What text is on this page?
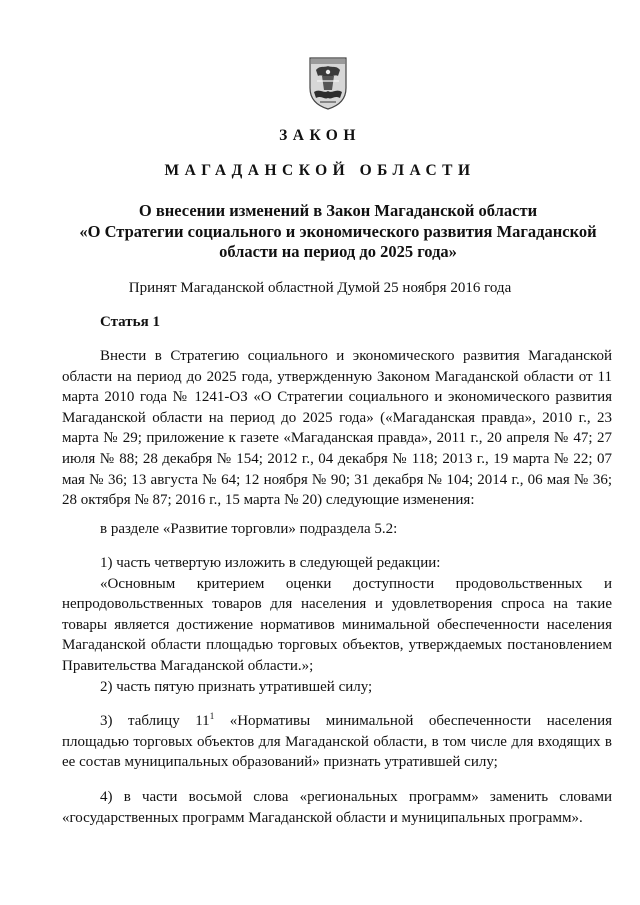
ЗАКОН
МАГАДАНСКОЙ ОБЛАСТИ
О внесении изменений в Закон Магаданской области
«О Стратегии социального и экономического развития Магаданской
области на период до 2025 года»
Принят Магаданской областной Думой 25 ноября 2016 года
Статья 1

Внести в Стратегию социального и экономического развития Магаданской области на период до 2025 года, утвержденную Законом Магаданской области от 11 марта 2010 года № 1241-ОЗ «О Стратегии социального и экономического развития Магаданской области на период до 2025 года» («Магаданская правда», 2010 г., 23 марта № 29; приложение к газете «Магаданская правда», 2011 г., 20 апреля № 47; 27 июля № 88; 28 декабря № 154; 2012 г., 04 декабря № 118; 2013 г., 19 марта № 22; 07 мая № 36; 13 августа № 64; 12 ноября № 90; 31 декабря № 104; 2014 г., 06 мая № 36; 28 октября № 87; 2016 г., 15 марта № 20) следующие изменения:

в разделе «Развитие торговли» подраздела 5.2:

1) часть четвертую изложить в следующей редакции:

«Основным критерием оценки доступности продовольственных и непродовольственных товаров для населения и удовлетворения спроса на такие товары является достижение нормативов минимальной обеспеченности населения Магаданской области площадью торговых объектов, утверждаемых постановлением Правительства Магаданской области.»;

2) часть пятую признать утратившей силу;

3) таблицу $11^1$ «Нормативы минимальной обеспеченности населения площадью торговых объектов для Магаданской области, в том числе для входящих в ее состав муниципальных образований» признать утратившей силу;

4) в части восьмой слова «региональных программ» заменить словами «государственных программ Магаданской области и муниципальных программ».
